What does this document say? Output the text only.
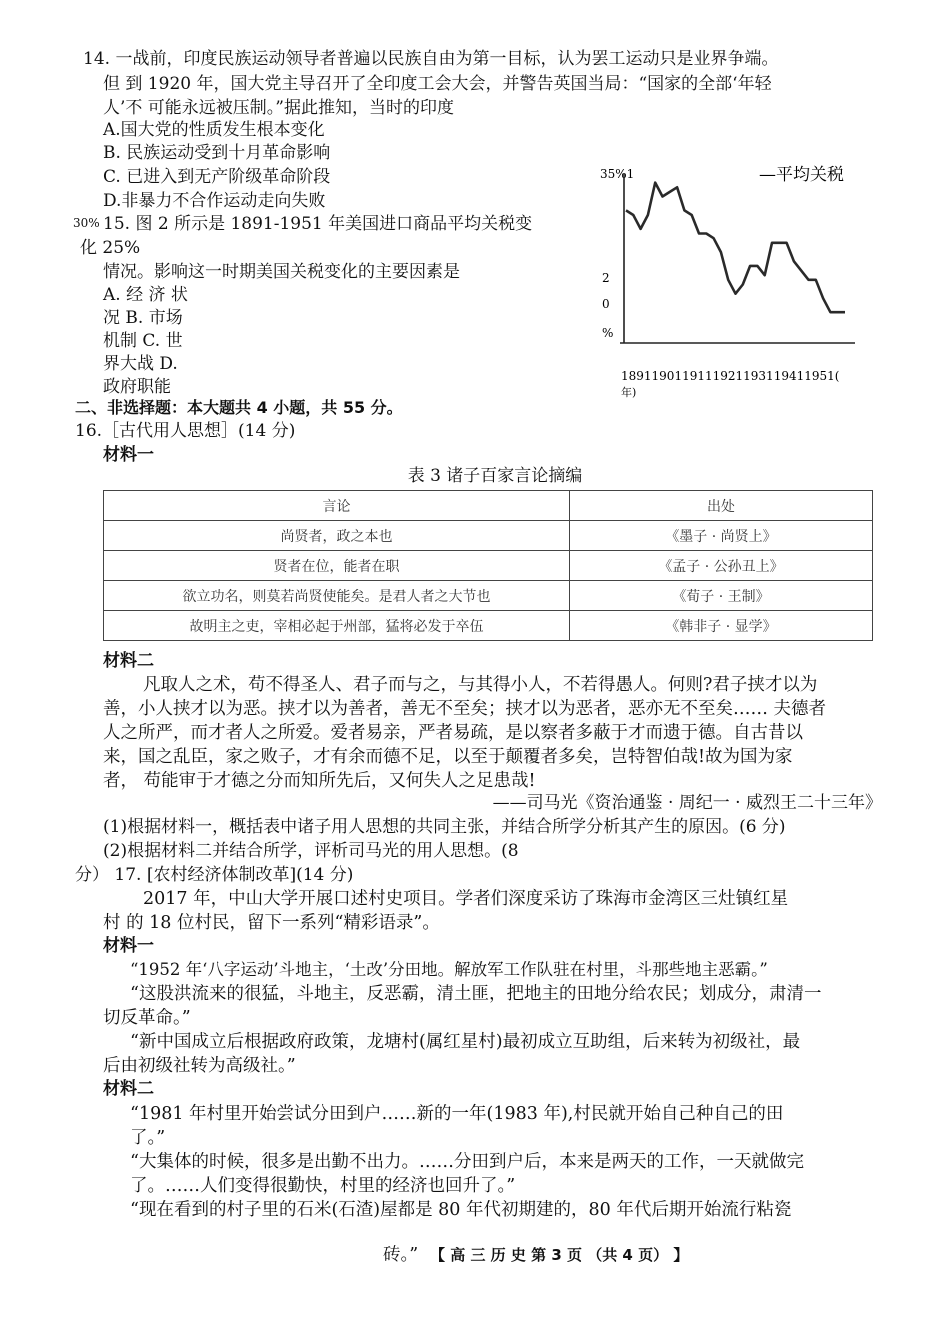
14. 一战前，印度民族运动领导者普遍以民族自由为第一目标，认为罢工运动只是业界争端。
但 到 1920 年，国大党主导召开了全印度工会大会，并警告英国当局：“国家的全部‘年轻
人’不 可能永远被压制。”据此推知，当时的印度
A.国大党的性质发生根本变化
B. 民族运动受到十月革命影响
C. 已进入到无产阶级革命阶段
D.非暴力不合作运动走向失败
30% 15. 图 2 所示是 1891-1951 年美国进口商品平均关税变
化 25%
情况。影响这一时期美国关税变化的主要因素是
A. 经 济 状
况 B. 市场
机制 C. 世
界大战 D.
政府职能
35%1	—平均关税
2
0
%
1891190119111921193119411951(
年)
二、非选择题：本大题共 4 小题，共 55 分。
16.［古代用人思想］(14 分)
材料一
表 3 诸子百家言论摘编
言论	出处
尚贤者，政之本也	《墨子 · 尚贤上》
贤者在位，能者在职	《孟子 · 公孙丑上》
欲立功名，则莫若尚贤使能矣。是君人者之大节也	《荀子 · 王制》
故明主之吏，宰相必起于州部，猛将必发于卒伍	《韩非子 · 显学》
材料二
凡取人之术，苟不得圣人、君子而与之，与其得小人，不若得愚人。何则?君子挟才以为
善，小人挟才以为恶。挟才以为善者，善无不至矣；挟才以为恶者，恶亦无不至矣…… 夫德者
人之所严，而才者人之所爱。爱者易亲，严者易疏，是以察者多蔽于才而遗于德。自古昔以
来，国之乱臣，家之败子，才有余而德不足，以至于颠覆者多矣，岂特智伯哉!故为国为家
者， 苟能审于才德之分而知所先后，又何失人之足患哉!
——司马光《资治通鉴 · 周纪一 · 威烈王二十三年》
(1)根据材料一，概括表中诸子用人思想的共同主张，并结合所学分析其产生的原因。(6 分)
(2)根据材料二并结合所学，评析司马光的用人思想。(8
分） 17. [农村经济体制改革](14 分)
2017 年，中山大学开展口述村史项目。学者们深度采访了珠海市金湾区三灶镇红星
村 的 18 位村民，留下一系列“精彩语录”。
材料一
“1952 年‘八字运动’斗地主，‘土改’分田地。解放军工作队驻在村里，斗那些地主恶霸。”
“这股洪流来的很猛，斗地主，反恶霸，清土匪，把地主的田地分给农民；划成分，肃清一
切反革命。”
“新中国成立后根据政府政策，龙塘村(属红星村)最初成立互助组，后来转为初级社，最
后由初级社转为高级社。”
材料二
“1981 年村里开始尝试分田到户……新的一年(1983 年),村民就开始自己种自己的田
了。”
“大集体的时候，很多是出勤不出力。……分田到户后，本来是两天的工作，一天就做完
了。……人们变得很勤快，村里的经济也回升了。”
“现在看到的村子里的石米(石渣)屋都是 80 年代初期建的，80 年代后期开始流行粘瓷
砖。” 【 高 三 历 史 第 3 页 （共 4 页） 】
